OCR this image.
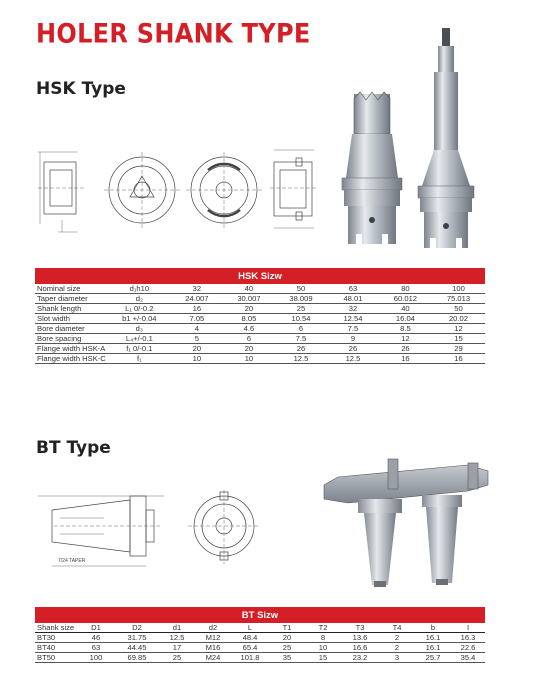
HOLER SHANK TYPE
HSK Type
HSK Sizw							
Nominal size	d₁h10	32	40	50	63	80	100
Taper diameter	d₂	24.007	30.007	38.009	48.01	60.012	75.013
Shank length	L₁ 0/-0.2	16	20	25	32	40	50
Slot width	b1 +/-0.04	7.05	8.05	10.54	12.54	16.04	20.02
Bore diameter	d₃	4	4.6	6	7.5	8.5	12
Bore spacing	L₄+/-0.1	5	6	7.5	9	12	15
Flange width HSK-A	f₁ 0/-0.1	20	20	26	26	26	29
Flange width HSK-C	f₁	10	10	12.5	12.5	16	16
BT Type
7/24 TAPER
BT Sizw											
Shank size	D1	D2	d1	d2	L	T1	T2	T3	T4	b	I
BT30	46	31.75	12.5	M12	48.4	20	8	13.6	2	16.1	16.3
BT40	63	44.45	17	M16	65.4	25	10	16.6	2	16.1	22.6
BT50	100	69.85	25	M24	101.8	35	15	23.2	3	25.7	35.4
